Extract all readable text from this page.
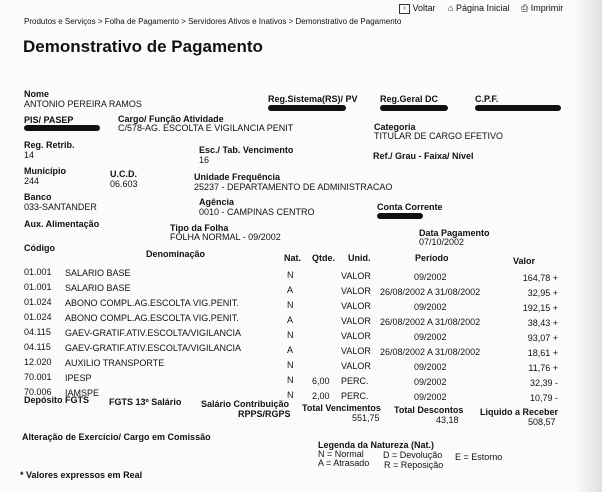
‹ Voltar ⌂ Página Inicial ⎙ Imprimir
Produtos e Serviços > Folha de Pagamento > Servidores Ativos e Inativos > Demonstrativo de Pagamento
Demonstrativo de Pagamento
Nome
ANTONIO PEREIRA RAMOS	Reg.Sistema(RS)/ PV Reg.Geral DC	C.P.F.
PIS/ PASEP	Cargo/ Função Atividade
C/578-AG. ESCOLTA E VIGILANCIA PENIT	Categoria
TITULAR DE CARGO EFETIVO
Reg. Retrib.
14	Esc./ Tab. Vencimento
16	Ref./ Grau - Faixa/ Nível
Município
244
U.C.D.
06.603
Unidade Frequência
25237 - DEPARTAMENTO DE ADMINISTRACAO
Banco
033-SANTANDER	Agência
0010 - CAMPINAS CENTRO	Conta Corrente
Aux. Alimentação	Tipo da Folha
FOLHA NORMAL - 09/2002	Data Pagamento
07/10/2002
Código
Denominação	Nat. Qtde. Unid.	Período	Valor
01.001 SALARIO BASE	N	VALOR	09/2002	164,78 +
01.001 SALARIO BASE	A	VALOR 26/08/2002 A 31/08/2002	32,95 +
01.024 ABONO COMPL.AG.ESCOLTA VIG.PENIT.	N	VALOR	09/2002	192,15 +
01.024 ABONO COMPL.AG.ESCOLTA VIG.PENIT.	A	VALOR 26/08/2002 A 31/08/2002	38,43 +
04.115 GAEV-GRATIF.ATIV.ESCOLTA/VIGILANCIA	N	VALOR	09/2002	93,07 +
04.115 GAEV-GRATIF.ATIV.ESCOLTA/VIGILANCIA	A	VALOR 26/08/2002 A 31/08/2002	18,61 +
12.020 AUXILIO TRANSPORTE	N	VALOR	09/2002	11,76 +
70.001 IPESP	N 6,00 PERC.	09/2002	32,39 -
70.006 IAMSPE	N 2,00 PERC.	09/2002	10,79 -
Depósito FGTS FGTS 13º Salário Salário Contribuição
RPPS/RGPS
Total Vencimentos
551,75
Total Descontos
43,18
Liquido a Receber
508,57
Alteração de Exercício/ Cargo em Comissão
Legenda da Natureza (Nat.)
N = Normal D = Devolução E = Estorno
A = Atrasado R = Reposição
* Valores expressos em Real
